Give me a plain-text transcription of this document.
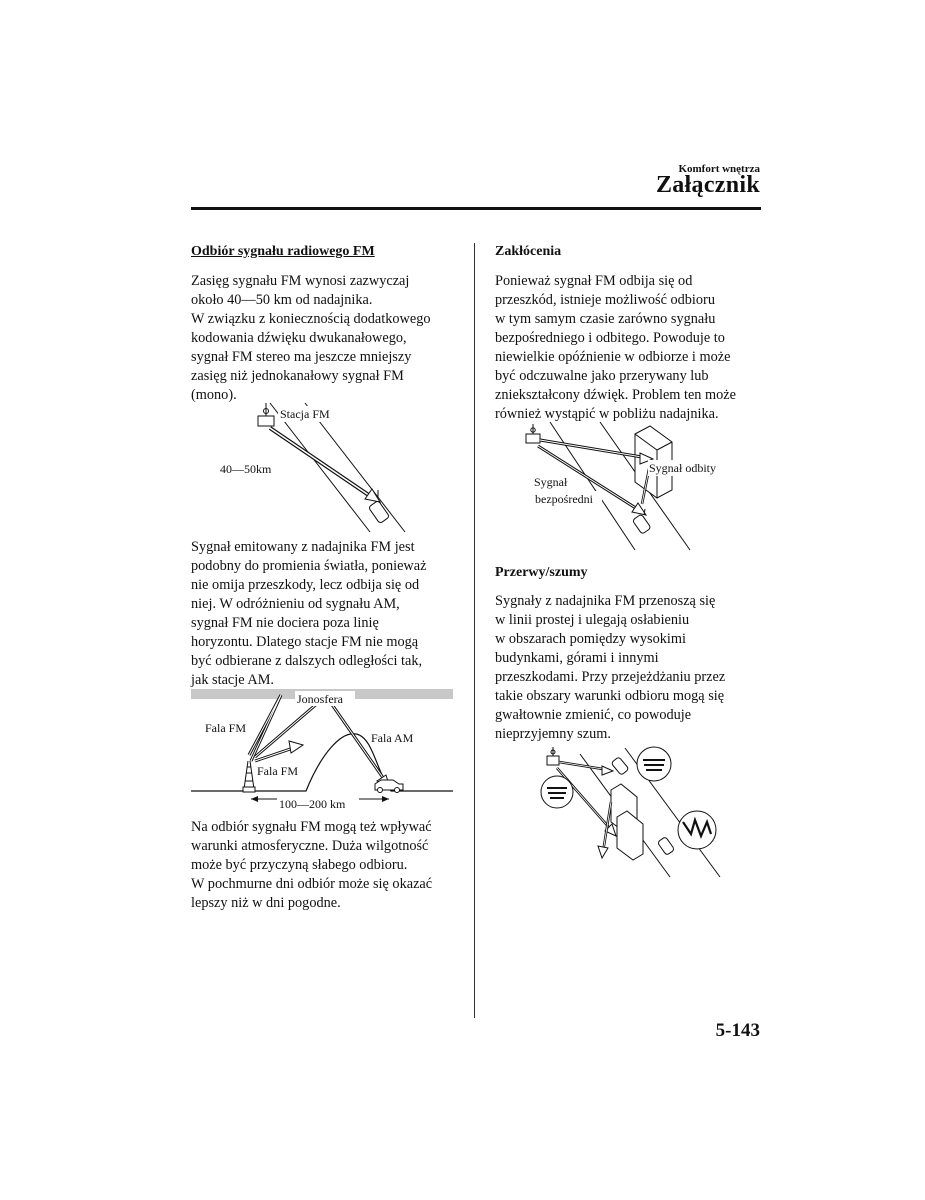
Komfort wnętrza
Załącznik
Odbiór sygnału radiowego FM
Zasięg sygnału FM wynosi zazwyczaj
około 40―50 km od nadajnika.
W związku z koniecznością dodatkowego
kodowania dźwięku dwukanałowego,
sygnał FM stereo ma jeszcze mniejszy
zasięg niż jednokanałowy sygnał FM
(mono).
Stacja FM
40―50km
Sygnał emitowany z nadajnika FM jest
podobny do promienia światła, ponieważ
nie omija przeszkody, lecz odbija się od
niej. W odróżnieniu od sygnału AM,
sygnał FM nie dociera poza linię
horyzontu. Dlatego stacje FM nie mogą
być odbierane z dalszych odległości tak,
jak stacje AM.
Jonosfera
Fala FM
Fala AM
Fala FM
100―200 km
Na odbiór sygnału FM mogą też wpływać
warunki atmosferyczne. Duża wilgotność
może być przyczyną słabego odbioru.
W pochmurne dni odbiór może się okazać
lepszy niż w dni pogodne.
Zakłócenia
Ponieważ sygnał FM odbija się od
przeszkód, istnieje możliwość odbioru
w tym samym czasie zarówno sygnału
bezpośredniego i odbitego. Powoduje to
niewielkie opóźnienie w odbiorze i może
być odczuwalne jako przerywany lub
zniekształcony dźwięk. Problem ten może
również wystąpić w pobliżu nadajnika.
Sygnał odbity
Sygnał
bezpośredni
Przerwy/szumy
Sygnały z nadajnika FM przenoszą się
w linii prostej i ulegają osłabieniu
w obszarach pomiędzy wysokimi
budynkami, górami i innymi
przeszkodami. Przy przejeżdżaniu przez
takie obszary warunki odbioru mogą się
gwałtownie zmienić, co powoduje
nieprzyjemny szum.
5-143
